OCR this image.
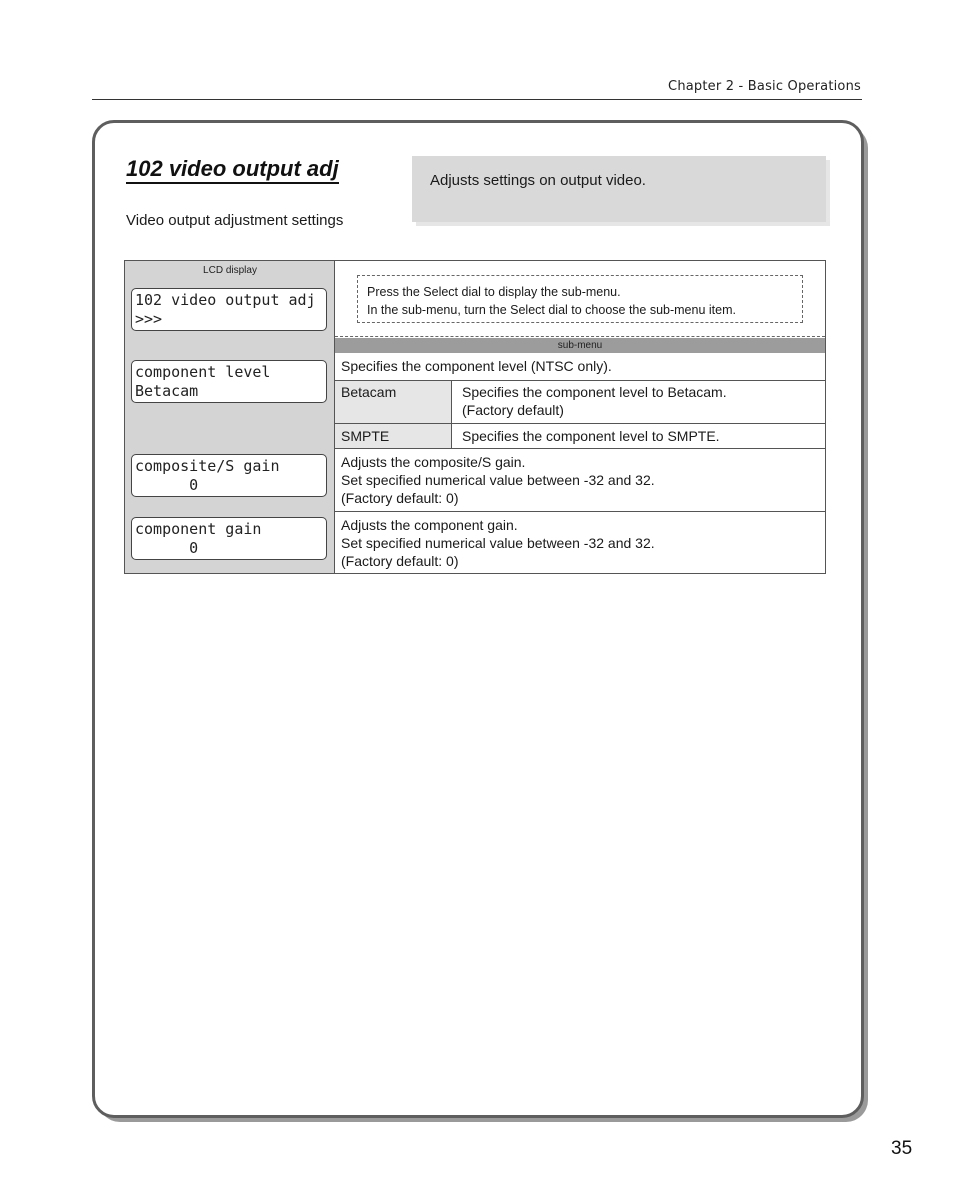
Chapter 2 - Basic Operations
102 video output adj
Video output adjustment settings
Adjusts settings on output video.
LCD display
102 video output adj
>>>
Press the Select dial to display the sub-menu.
In the sub-menu, turn the Select dial to choose the sub-menu item.
sub-menu
component level
Betacam
Specifies the component level (NTSC only).
Betacam	Specifies the component level to Betacam.
(Factory default)
SMPTE	Specifies the component level to SMPTE.
composite/S gain
0
Adjusts the composite/S gain.
Set specified numerical value between -32 and 32.
(Factory default: 0)
component gain
0
Adjusts the component gain.
Set specified numerical value between -32 and 32.
(Factory default: 0)
35
